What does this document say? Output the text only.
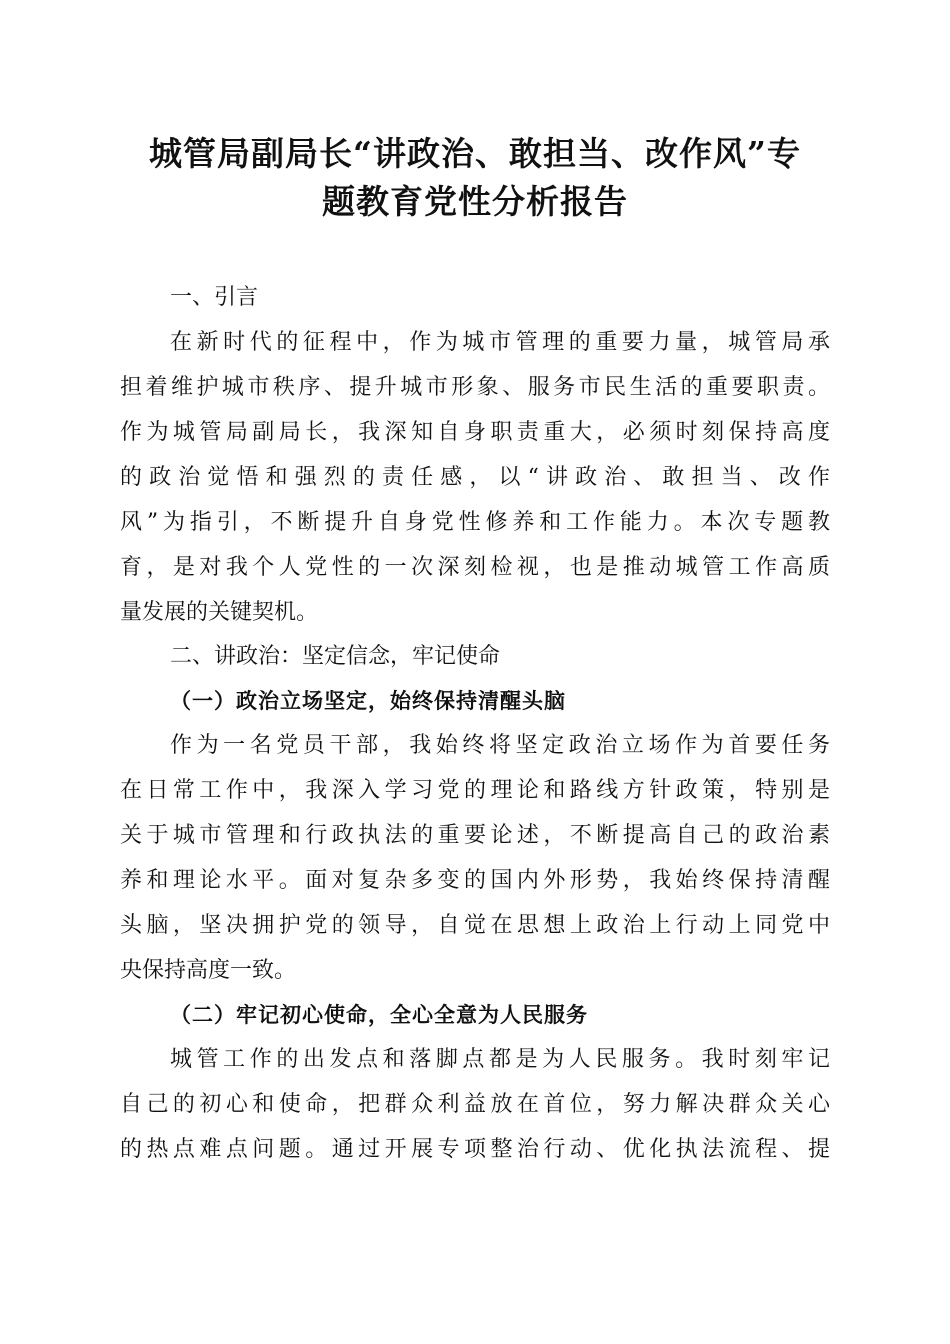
城管局副局长“讲政治、敢担当、改作风”专
题教育党性分析报告
一、引言
在新时代的征程中，作为城市管理的重要力量，城管局承
担着维护城市秩序、提升城市形象、服务市民生活的重要职责。
作为城管局副局长，我深知自身职责重大，必须时刻保持高度
的政治觉悟和强烈的责任感，以“讲政治、敢担当、改作
风”为指引，不断提升自身党性修养和工作能力。本次专题教
育，是对我个人党性的一次深刻检视，也是推动城管工作高质
量发展的关键契机。
二、讲政治：坚定信念，牢记使命
（一）政治立场坚定，始终保持清醒头脑
作为一名党员干部，我始终将坚定政治立场作为首要任务
在日常工作中，我深入学习党的理论和路线方针政策，特别是
关于城市管理和行政执法的重要论述，不断提高自己的政治素
养和理论水平。面对复杂多变的国内外形势，我始终保持清醒
头脑，坚决拥护党的领导，自觉在思想上政治上行动上同党中
央保持高度一致。
（二）牢记初心使命，全心全意为人民服务
城管工作的出发点和落脚点都是为人民服务。我时刻牢记
自己的初心和使命，把群众利益放在首位，努力解决群众关心
的热点难点问题。通过开展专项整治行动、优化执法流程、提
